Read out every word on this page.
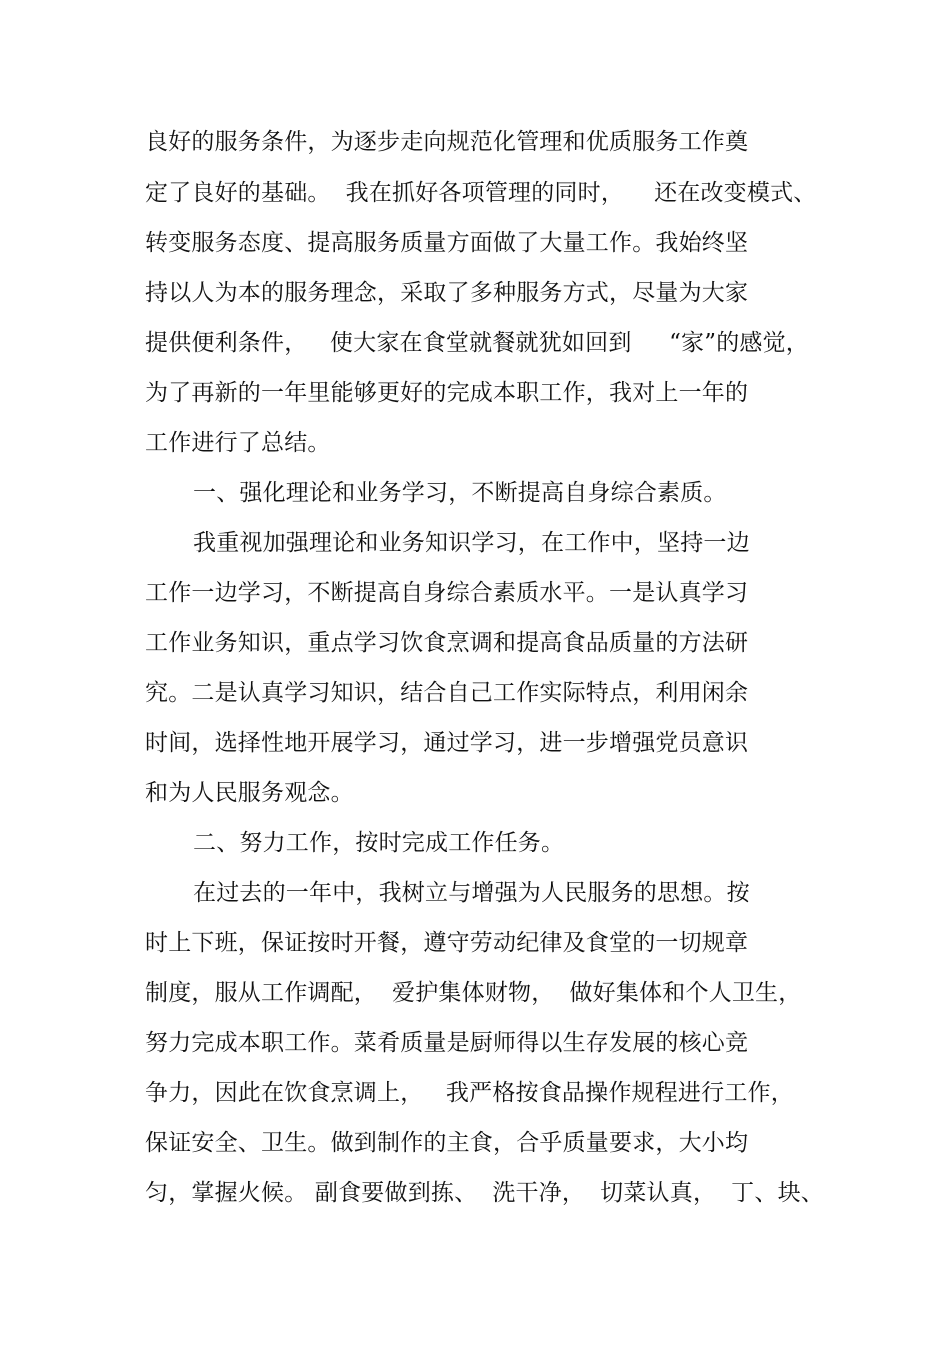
良好的服务条件，为逐步走向规范化管理和优质服务工作奠
定了良好的基础。  我在抓好各项管理的同时，    还在改变模式、
转变服务态度、提高服务质量方面做了大量工作。我始终坚
持以人为本的服务理念，采取了多种服务方式，尽量为大家
提供便利条件，   使大家在食堂就餐就犹如回到     “家”的感觉，
为了再新的一年里能够更好的完成本职工作，我对上一年的
工作进行了总结。
一、强化理论和业务学习，不断提高自身综合素质。
我重视加强理论和业务知识学习，在工作中，坚持一边
工作一边学习，不断提高自身综合素质水平。一是认真学习
工作业务知识，重点学习饮食烹调和提高食品质量的方法研
究。二是认真学习知识，结合自己工作实际特点，利用闲余
时间，选择性地开展学习，通过学习，进一步增强党员意识
和为人民服务观念。
二、努力工作，按时完成工作任务。
在过去的一年中，我树立与增强为人民服务的思想。按
时上下班，保证按时开餐，遵守劳动纪律及食堂的一切规章
制度，服从工作调配，  爱护集体财物，  做好集体和个人卫生，
努力完成本职工作。菜肴质量是厨师得以生存发展的核心竞
争力，因此在饮食烹调上，   我严格按食品操作规程进行工作，
保证安全、卫生。做到制作的主食，合乎质量要求，大小均
匀，掌握火候。 副食要做到拣、  洗干净，  切菜认真，  丁、块、
